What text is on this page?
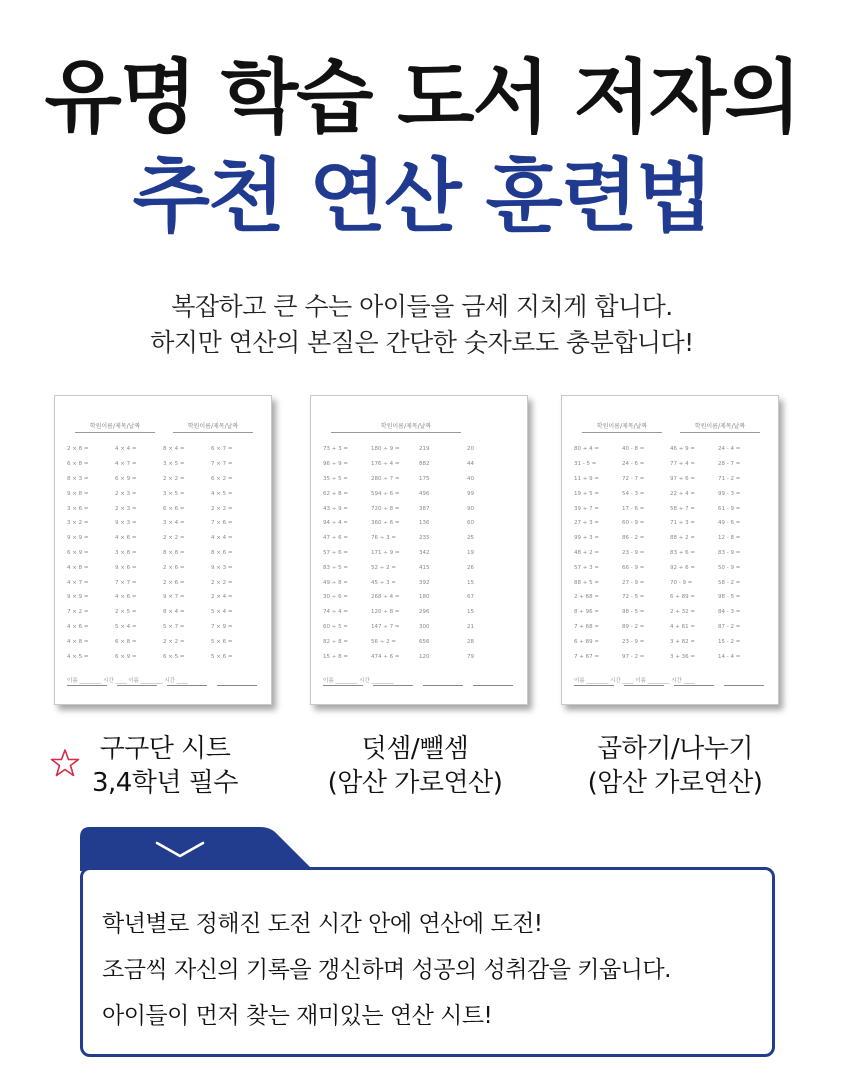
유명 학습 도서 저자의
추천 연산 훈련법
복잡하고 큰 수는 아이들을 금세 지치게 합니다.
하지만 연산의 본질은 간단한 숫자로도 충분합니다!
학원이름/제목/날짜	학원이름/제목/날짜
2 × 8 =	4 × 4 =	8 × 4 =	6 × 7 =
6 × 8 =	4 × 7 =	3 × 5 =	7 × 7 =
8 × 3 =	6 × 9 =	2 × 2 =	6 × 2 =
9 × 8 =	2 × 3 =	3 × 5 =	4 × 5 =
3 × 6 =	2 × 3 =	6 × 6 =	2 × 2 =
3 × 2 =	9 × 3 =	3 × 4 =	7 × 6 =
9 × 9 =	4 × 6 =	2 × 2 =	4 × 4 =
6 × 9 =	3 × 8 =	8 × 8 =	8 × 6 =
4 × 8 =	9 × 6 =	2 × 6 =	9 × 3 =
4 × 7 =	7 × 7 =	2 × 6 =	2 × 2 =
9 × 9 =	4 × 6 =	9 × 7 =	2 × 4 =
7 × 2 =	2 × 5 =	8 × 4 =	5 × 4 =
4 × 6 =	5 × 4 =	5 × 7 =	7 × 9 =
4 × 8 =	6 × 8 =	2 × 2 =	5 × 6 =
4 × 5 =	6 × 9 =	6 × 5 =	5 × 6 =
이름 ________ 시간 ____ 이름 ________ 시간 ____
학원이름/제목/날짜
73 + 3 =	180 ÷ 9 =	219	20
96 ÷ 9 =	176 ÷ 4 =	882	44
35 ÷ 5 =	280 ÷ 7 =	175	40
62 + 8 =	594 ÷ 6 =	496	99
43 ÷ 9 =	720 ÷ 8 =	387	90
94 ÷ 4 =	360 ÷ 6 =	136	60
47 ÷ 6 =	76 ÷ 3 =	235	25
57 ÷ 6 =	171 ÷ 9 =	342	19
83 ÷ 5 =	52 ÷ 2 =	415	26
49 ÷ 8 =	45 ÷ 3 =	392	15
30 ÷ 6 =	268 ÷ 4 =	180	67
74 ÷ 4 =	120 ÷ 8 =	296	15
60 ÷ 5 =	147 ÷ 7 =	300	21
82 ÷ 8 =	56 ÷ 2 =	656	28
15 ÷ 8 =	474 ÷ 6 =	120	79
이름 ________ 시간 ________
학원이름/제목/날짜	학원이름/제목/날짜
80 + 4 =	40 - 8 =	46 + 9 =	24 - 4 =
31 - 5 =	24 - 6 =	77 + 4 =	28 - 7 =
11 + 9 =	72 - 7 =	97 + 6 =	71 - 2 =
19 + 5 =	54 - 3 =	22 + 4 =	99 - 3 =
39 + 7 =	17 - 6 =	58 + 7 =	61 - 9 =
27 + 3 =	60 - 9 =	71 + 3 =	49 - 6 =
99 + 3 =	86 - 2 =	88 + 2 =	12 - 8 =
48 + 2 =	23 - 9 =	83 + 6 =	83 - 9 =
57 + 3 =	66 - 9 =	92 + 6 =	50 - 9 =
88 + 5 =	27 - 9 =	70 - 9 =	58 - 2 =
2 + 68 =	72 - 5 =	6 + 89 =	98 - 5 =
8 + 96 =	98 - 5 =	2 + 32 =	84 - 3 =
7 + 68 =	89 - 2 =	4 + 61 =	87 - 2 =
6 + 89 =	23 - 9 =	3 + 82 =	15 - 2 =
7 + 67 =	97 - 2 =	3 + 36 =	14 - 4 =
이름 ________ 시간 ____ 이름 ________ 시간 ____
구구단 시트
3,4학년 필수
덧셈/뺄셈
(암산 가로연산)
곱하기/나누기
(암산 가로연산)
학년별로 정해진 도전 시간 안에 연산에 도전!
조금씩 자신의 기록을 갱신하며 성공의 성취감을 키웁니다.
아이들이 먼저 찾는 재미있는 연산 시트!
